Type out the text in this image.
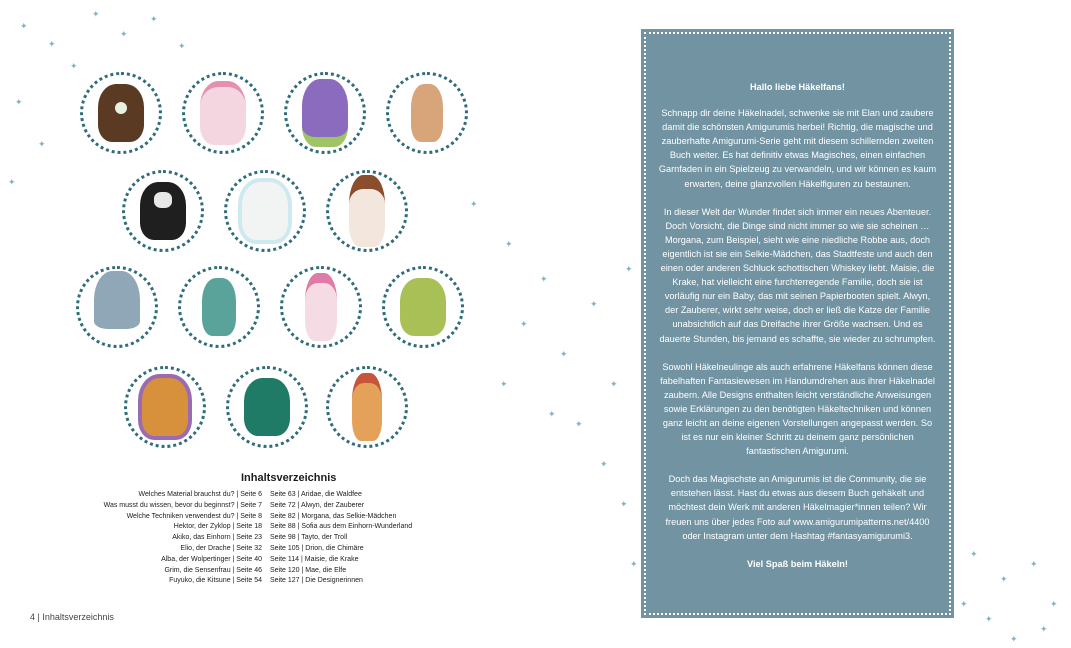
✦
✦
✦
✦
✦
✦
✦
✦
✦
✦
✦
✦
✦
✦
✦
✦
✦
✦
✦
✦
✦
✦
✦
✦
✦
✦
✦
✦
✦
✦
✦
✦
Inhaltsverzeichnis
Welches Material brauchst du? | Seite 6
Was musst du wissen, bevor du beginnst? | Seite 7
Welche Techniken verwendest du? | Seite 8
Hektor, der Zyklop | Seite 18
Akiko, das Einhorn | Seite 23
Elio, der Drache | Seite 32
Alba, der Wolpertinger | Seite 40
Grim, die Sensenfrau | Seite 46
Fuyuko, die Kitsune | Seite 54
Seite 63 | Aridae, die Waldfee
Seite 72 | Alwyn, der Zauberer
Seite 82 | Morgana, das Selkie-Mädchen
Seite 88 | Sofia aus dem Einhorn-Wunderland
Seite 98 | Tayto, der Troll
Seite 105 | Drion, die Chimäre
Seite 114 | Maisie, die Krake
Seite 120 | Mae, die Elfe
Seite 127 | Die Designerinnen
4 | Inhaltsverzeichnis

Hallo liebe Häkelfans!

Schnapp dir deine Häkelnadel, schwenke sie mit Elan und zaubere damit die schönsten Amigurumis herbei! Richtig, die magische und zauberhafte Amigurumi-Serie geht mit diesem schillernden zweiten Buch weiter. Es hat definitiv etwas Magisches, einen einfachen Garnfaden in ein Spielzeug zu verwandeln, und wir können es kaum erwarten, deine glanzvollen Häkelfiguren zu bestaunen.

In dieser Welt der Wunder findet sich immer ein neues Abenteuer. Doch Vorsicht, die Dinge sind nicht immer so wie sie scheinen … Morgana, zum Beispiel, sieht wie eine niedliche Robbe aus, doch eigentlich ist sie ein Selkie-Mädchen, das Stadtfeste und auch den einen oder anderen Schluck schottischen Whiskey liebt. Maisie, die Krake, hat vielleicht eine furchterregende Familie, doch sie ist vorläufig nur ein Baby, das mit seinen Papierbooten spielt. Alwyn, der Zauberer, wirkt sehr weise, doch er ließ die Katze der Familie unabsichtlich auf das Dreifache ihrer Größe wachsen. Und es dauerte Stunden, bis jemand es schaffte, sie wieder zu schrumpfen.

Sowohl Häkelneulinge als auch erfahrene Häkelfans können diese fabelhaften Fantasiewesen im Handumdrehen aus ihrer Häkelnadel zaubern. Alle Designs enthalten leicht verständliche Anweisungen sowie Erklärungen zu den benötigten Häkeltechniken und können ganz leicht an deine eigenen Vorstellungen angepasst werden. So ist es nur ein kleiner Schritt zu deinem ganz persönlichen fantastischen Amigurumi.

Doch das Magischste an Amigurumis ist die Community, die sie entstehen lässt. Hast du etwas aus diesem Buch gehäkelt und möchtest dein Werk mit anderen Häkelmagier*innen teilen? Wir freuen uns über jedes Foto auf www.amigurumipatterns.net/4400 oder Instagram unter dem Hashtag #fantasyamigurumi3.

Viel Spaß beim Häkeln!
